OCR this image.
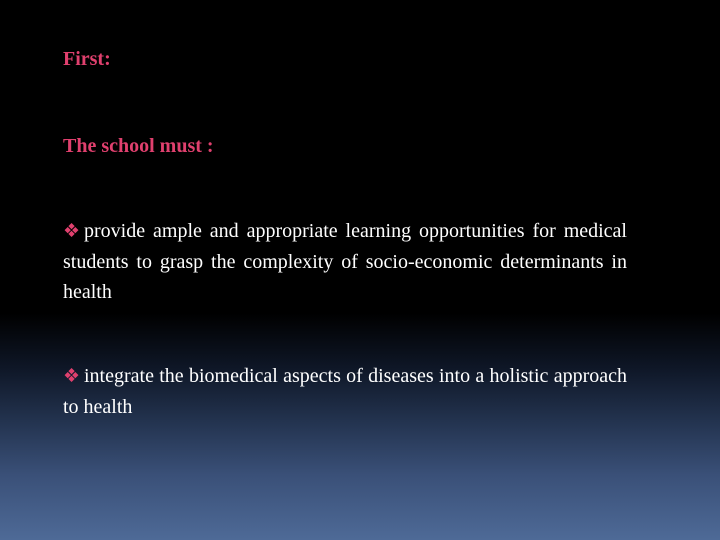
First:
The school must :

❖ provide ample and appropriate learning opportunities for medical students to grasp the complexity of socio-economic determinants in health

❖ integrate the biomedical aspects of diseases into a holistic approach to health
